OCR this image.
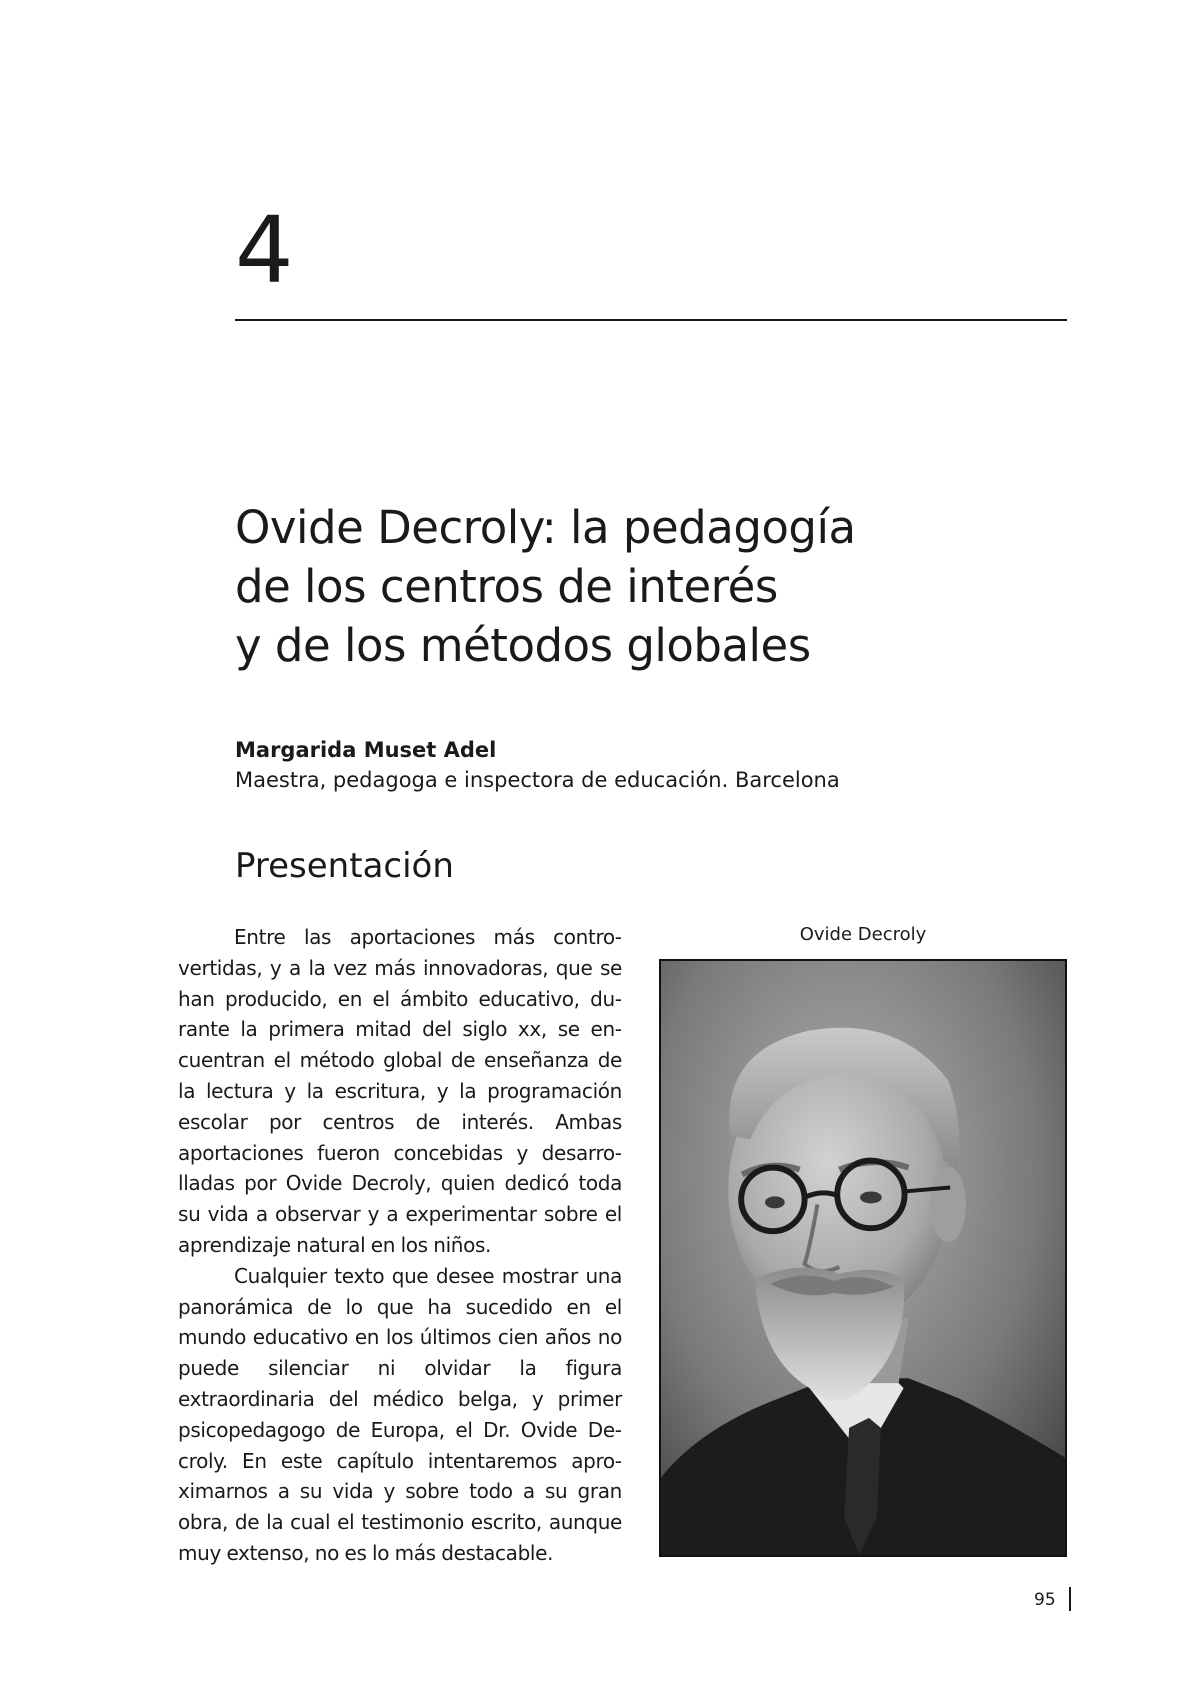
4
Ovide Decroly: la pedagogía
de los centros de interés
y de los métodos globales
Margarida Muset Adel
Maestra, pedagoga e inspectora de educación. Barcelona
Presentación

Entre las aportaciones más controvertidas, y a la vez más innovadoras, que se han producido, en el ámbito educativo, durante la primera mitad del siglo xx, se encuentran el método global de enseñanza de la lectura y la escritura, y la programación escolar por centros de interés. Ambas aportaciones fueron concebidas y desarrolladas por Ovide Decroly, quien dedicó toda su vida a observar y a experimentar sobre el aprendizaje natural en los niños.

Cualquier texto que desee mostrar una panorámica de lo que ha sucedido en el mundo educativo en los últimos cien años no puede silenciar ni olvidar la figura extraordinaria del médico belga, y primer psicopedagogo de Europa, el Dr. Ovide Decroly. En este capítulo intentaremos aproximarnos a su vida y sobre todo a su gran obra, de la cual el testimonio escrito, aunque muy extenso, no es lo más destacable.

Ovide Decroly
95
